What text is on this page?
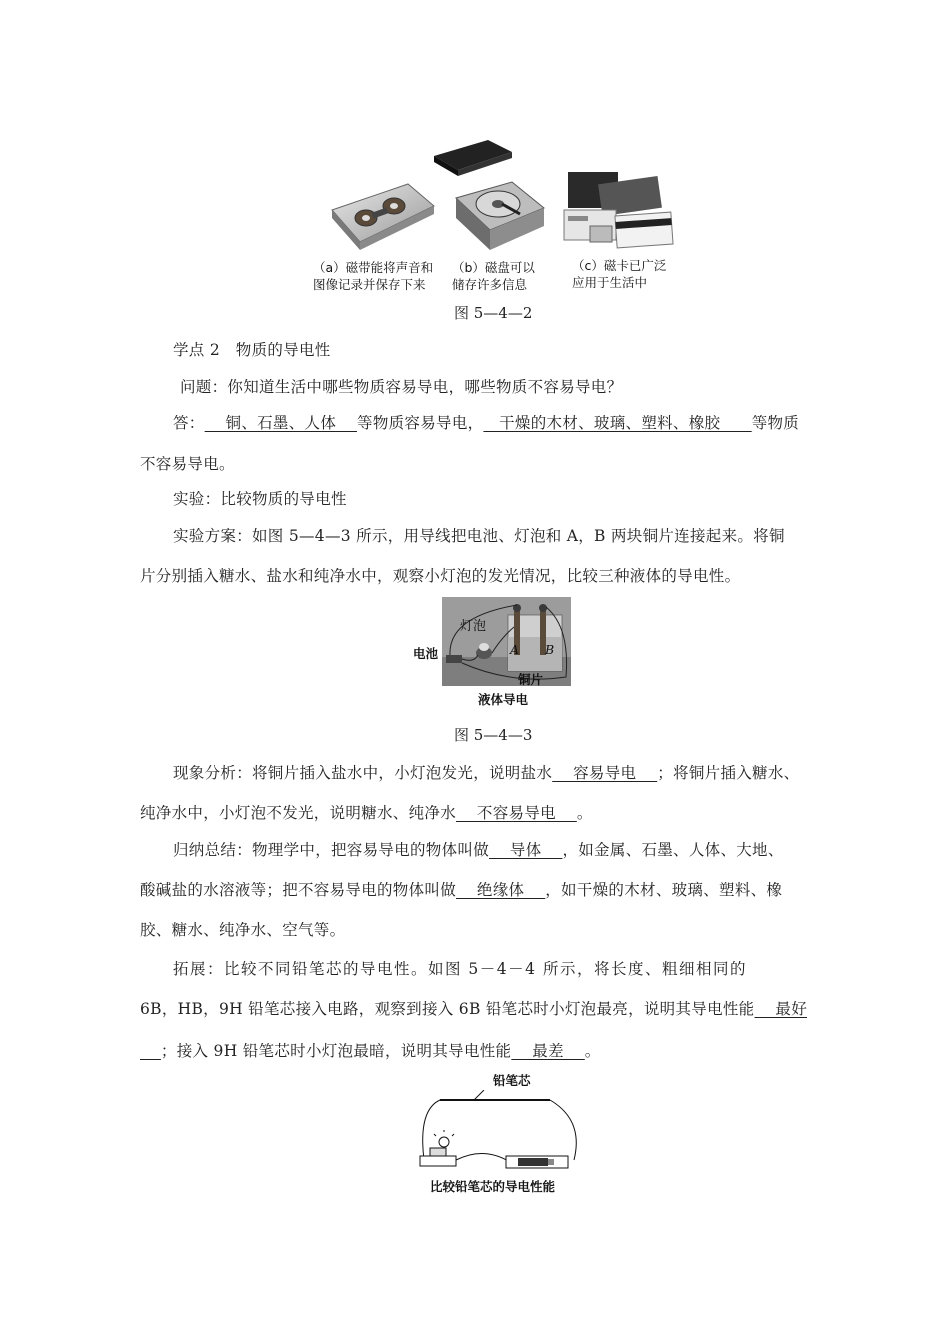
（a）磁带能将声音和
图像记录并保存下来
（b）磁盘可以
储存许多信息
（c）磁卡已广泛
应用于生活中
图 5—4—2
学点 2　物质的导电性
问题：你知道生活中哪些物质容易导电，哪些物质不容易导电？
答：    铜、石墨、人体    等物质容易导电，   干燥的木材、玻璃、塑料、橡胶      等物质
不容易导电。
实验：比较物质的导电性
实验方案：如图 5—4—3 所示，用导线把电池、灯泡和 A，B 两块铜片连接起来。将铜
片分别插入糖水、盐水和纯净水中，观察小灯泡的发光情况，比较三种液体的导电性。
灯泡
电池	A B
铜片
液体导电
图 5—4—3
现象分析：将铜片插入盐水中，小灯泡发光，说明盐水    容易导电    ；将铜片插入糖水、
纯净水中，小灯泡不发光，说明糖水、纯净水    不容易导电    。
归纳总结：物理学中，把容易导电的物体叫做    导体    ，如金属、石墨、人体、大地、
酸碱盐的水溶液等；把不容易导电的物体叫做    绝缘体    ，如干燥的木材、玻璃、塑料、橡
胶、糖水、纯净水、空气等。
拓展：比较不同铅笔芯的导电性。如图 5－4－4 所示，将长度、粗细相同的
6B，HB，9H 铅笔芯接入电路，观察到接入 6B 铅笔芯时小灯泡最亮，说明其导电性能    最好
；接入 9H 铅笔芯时小灯泡最暗，说明其导电性能    最差    。
铅笔芯
比较铅笔芯的导电性能
